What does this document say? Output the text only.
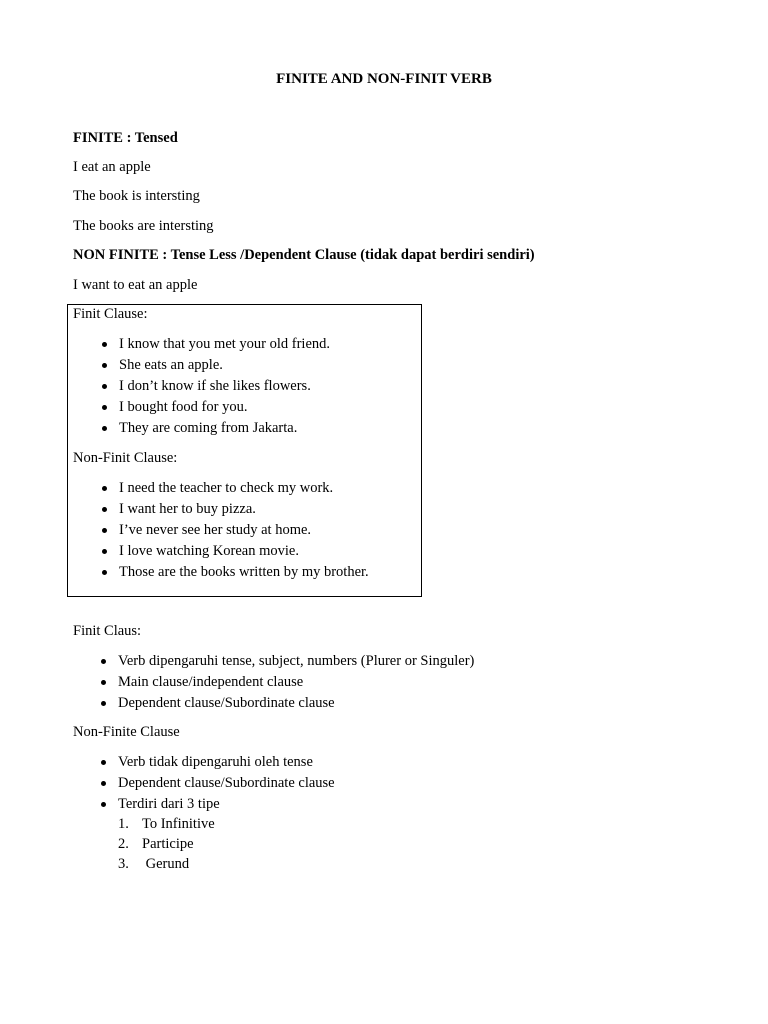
FINITE AND NON-FINIT VERB
FINITE : Tensed
I eat an apple
The book is intersting
The books are intersting
NON FINITE : Tense Less /Dependent Clause (tidak dapat berdiri sendiri)
I want to eat an apple
Finit Clause:
I know that you met your old friend.
She eats an apple.
I don’t know if she likes flowers.
I bought food for you.
They are coming from Jakarta.
Non-Finit Clause:
I need the teacher to check my work.
I want her to buy pizza.
I’ve never see her study at home.
I love watching Korean movie.
Those are the books written by my brother.
Finit Claus:
Verb dipengaruhi tense, subject, numbers (Plurer or Singuler)
Main clause/independent clause
Dependent clause/Subordinate clause
Non-Finite Clause
Verb tidak dipengaruhi oleh tense
Dependent clause/Subordinate clause
Terdiri dari 3 tipe
1. To Infinitive
2. Participe
3. Gerund
